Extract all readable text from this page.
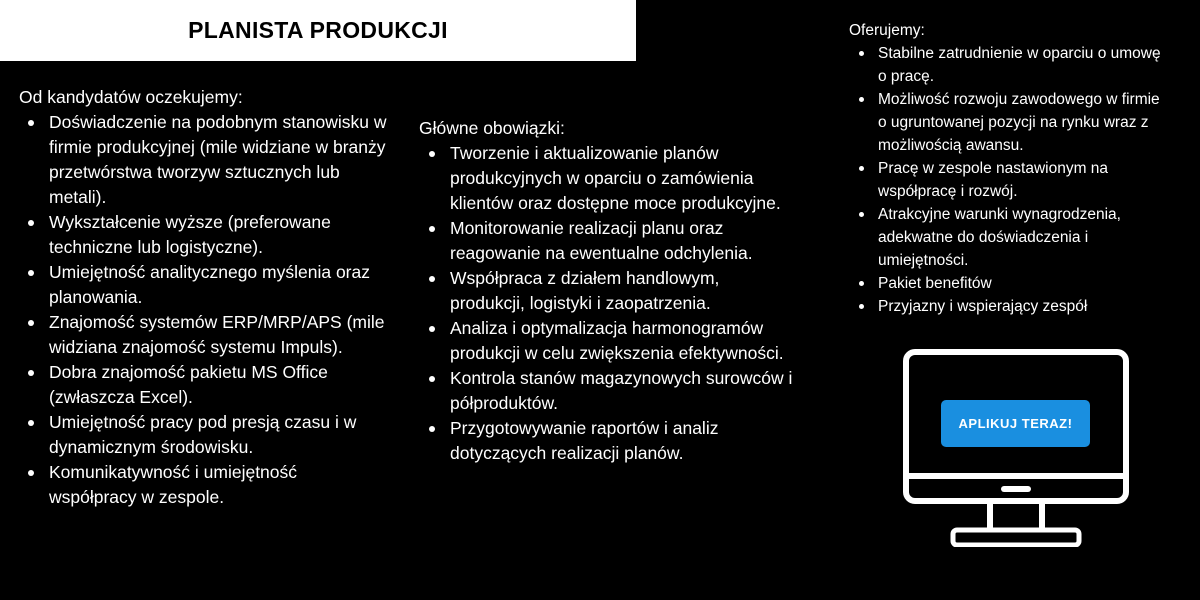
PLANISTA PRODUKCJI
Od kandydatów oczekujemy:
Doświadczenie na podobnym stanowisku w firmie produkcyjnej (mile widziane w branży przetwórstwa tworzyw sztucznych lub metali).
Wykształcenie wyższe (preferowane techniczne lub logistyczne).
Umiejętność analitycznego myślenia oraz planowania.
Znajomość systemów ERP/MRP/APS (mile widziana znajomość systemu Impuls).
Dobra znajomość pakietu MS Office (zwłaszcza Excel).
Umiejętność pracy pod presją czasu i w dynamicznym środowisku.
Komunikatywność i umiejętność współpracy w zespole.
Główne obowiązki:
Tworzenie i aktualizowanie planów produkcyjnych w oparciu o zamówienia klientów oraz dostępne moce produkcyjne.
Monitorowanie realizacji planu oraz reagowanie na ewentualne odchylenia.
Współpraca z działem handlowym, produkcji, logistyki i zaopatrzenia.
Analiza i optymalizacja harmonogramów produkcji w celu zwiększenia efektywności.
Kontrola stanów magazynowych surowców i półproduktów.
Przygotowywanie raportów i analiz dotyczących realizacji planów.
Oferujemy:
Stabilne zatrudnienie w oparciu o umowę o pracę.
Możliwość rozwoju zawodowego w firmie o ugruntowanej pozycji na rynku wraz z możliwością awansu.
Pracę w zespole nastawionym na współpracę i rozwój.
Atrakcyjne warunki wynagrodzenia, adekwatne do doświadczenia i umiejętności.
Pakiet benefitów
Przyjazny i wspierający zespół
APLIKUJ TERAZ!
